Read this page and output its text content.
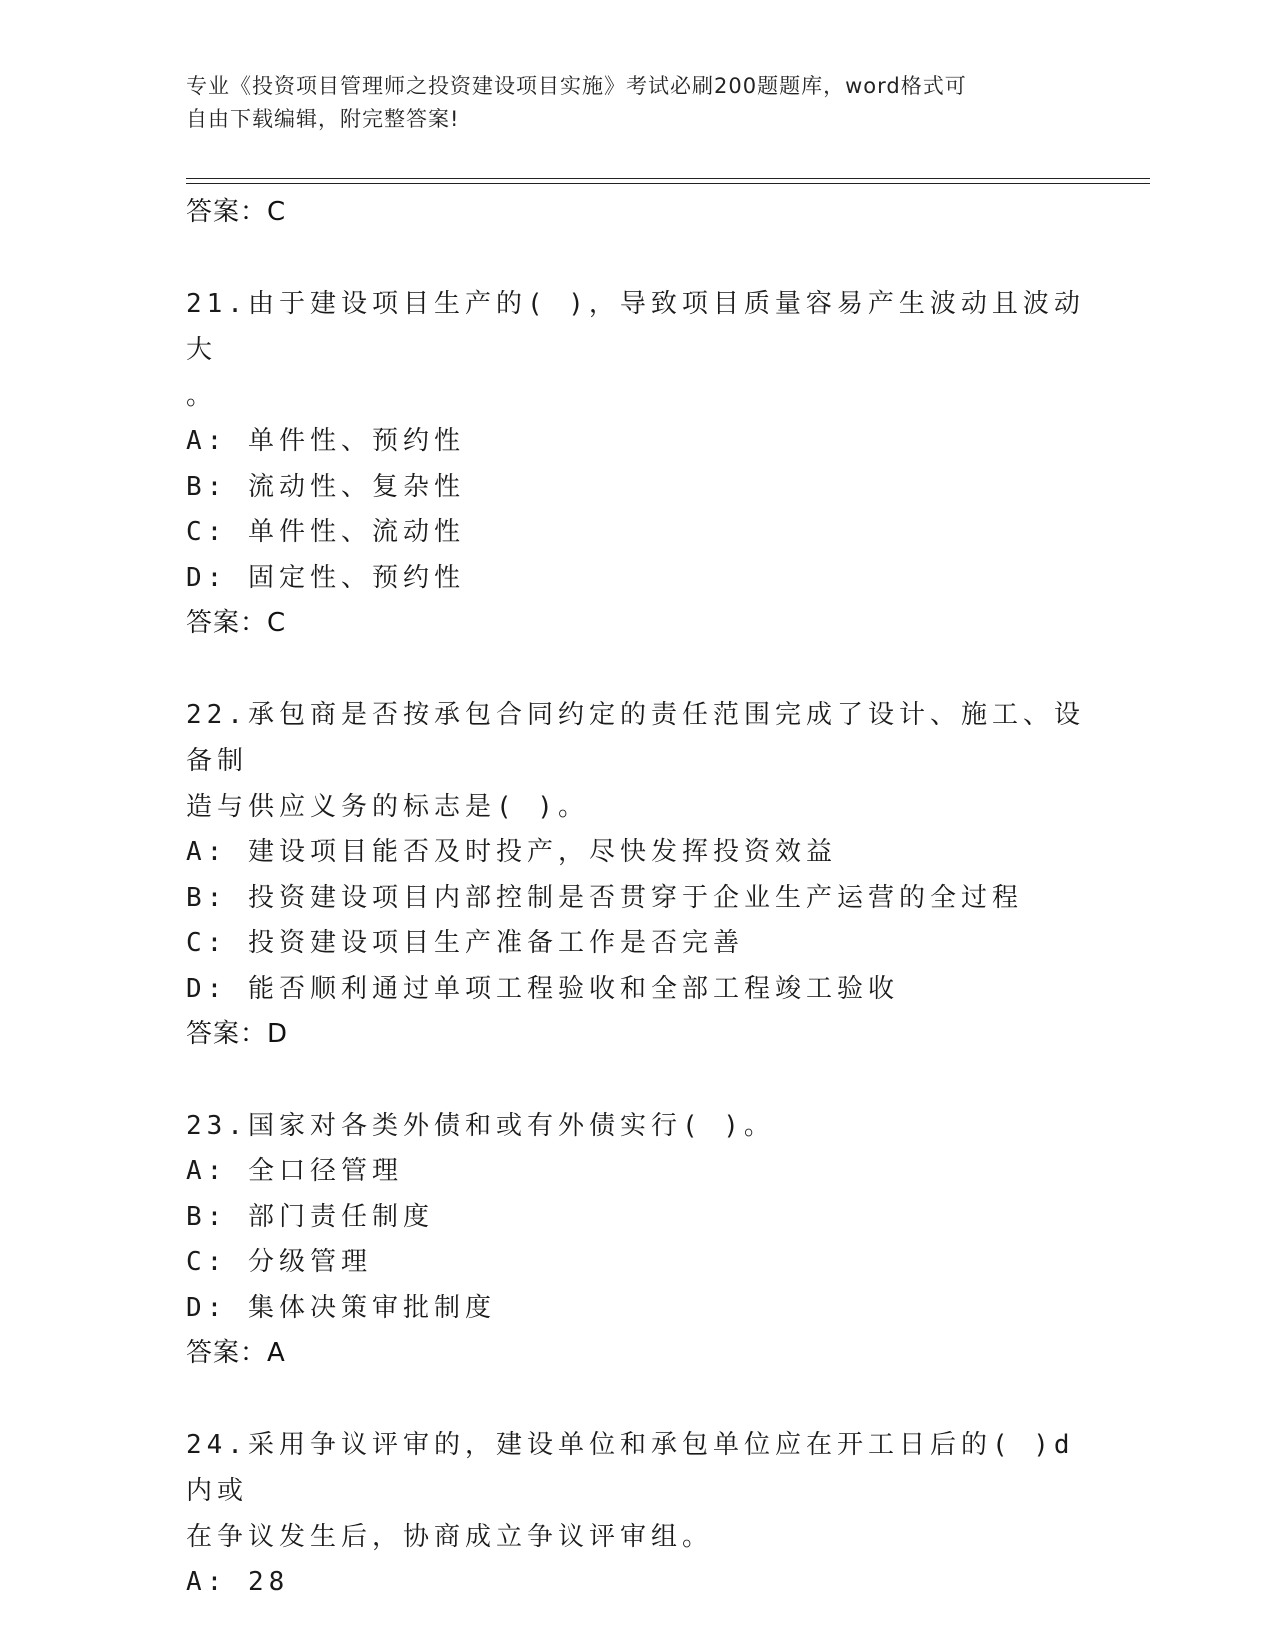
专业《投资项目管理师之投资建设项目实施》考试必刷200题题库，word格式可
自由下载编辑，附完整答案!
答案：C
21.由于建设项目生产的( )，导致项目质量容易产生波动且波动大
。
A: 单件性、预约性
B: 流动性、复杂性
C: 单件性、流动性
D: 固定性、预约性
答案：C
22.承包商是否按承包合同约定的责任范围完成了设计、施工、设备制
造与供应义务的标志是( )。
A: 建设项目能否及时投产，尽快发挥投资效益
B: 投资建设项目内部控制是否贯穿于企业生产运营的全过程
C: 投资建设项目生产准备工作是否完善
D: 能否顺利通过单项工程验收和全部工程竣工验收
答案：D
23.国家对各类外债和或有外债实行( )。
A: 全口径管理
B: 部门责任制度
C: 分级管理
D: 集体决策审批制度
答案：A
24.采用争议评审的，建设单位和承包单位应在开工日后的( )d内或
在争议发生后，协商成立争议评审组。
A: 28
